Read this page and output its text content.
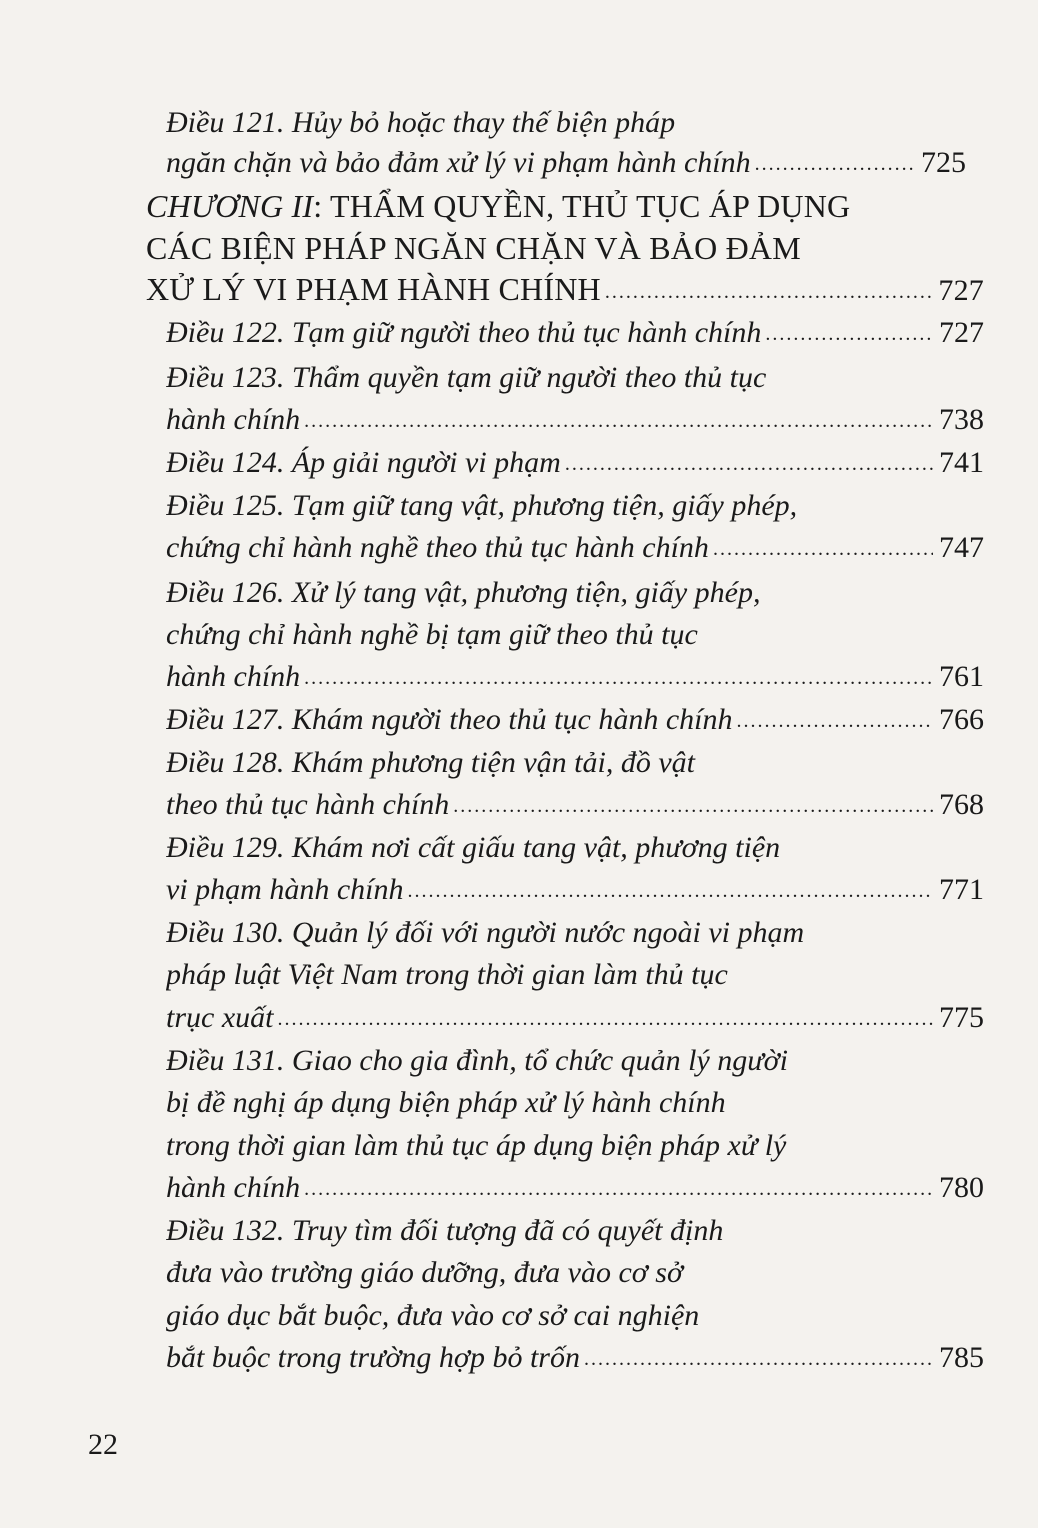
Điều 121. Hủy bỏ hoặc thay thế biện pháp
ngăn chặn và bảo đảm xử lý vi phạm hành chính .....	725
CHƯƠNG II : THẨM QUYỀN, THỦ TỤC ÁP DỤNG
CÁC BIỆN PHÁP NGĂN CHẶN VÀ BẢO ĐẢM
XỬ LÝ VI PHẠM HÀNH CHÍNH .....	727
Điều 122. Tạm giữ người theo thủ tục hành chính .....	727
Điều 123. Thẩm quyền tạm giữ người theo thủ tục
hành chính .....	738
Điều 124. Áp giải người vi phạm .....	741
Điều 125. Tạm giữ tang vật, phương tiện, giấy phép,
chứng chỉ hành nghề theo thủ tục hành chính .....	747
Điều 126. Xử lý tang vật, phương tiện, giấy phép,
chứng chỉ hành nghề bị tạm giữ theo thủ tục
hành chính .....	761
Điều 127. Khám người theo thủ tục hành chính .....	766
Điều 128. Khám phương tiện vận tải, đồ vật
theo thủ tục hành chính .....	768
Điều 129. Khám nơi cất giấu tang vật, phương tiện
vi phạm hành chính .....	771
Điều 130. Quản lý đối với người nước ngoài vi phạm
pháp luật Việt Nam trong thời gian làm thủ tục
trục xuất .....	775
Điều 131. Giao cho gia đình, tổ chức quản lý người
bị đề nghị áp dụng biện pháp xử lý hành chính
trong thời gian làm thủ tục áp dụng biện pháp xử lý
hành chính .....	780
Điều 132. Truy tìm đối tượng đã có quyết định
đưa vào trường giáo dưỡng, đưa vào cơ sở
giáo dục bắt buộc, đưa vào cơ sở cai nghiện
bắt buộc trong trường hợp bỏ trốn .....	785
22
